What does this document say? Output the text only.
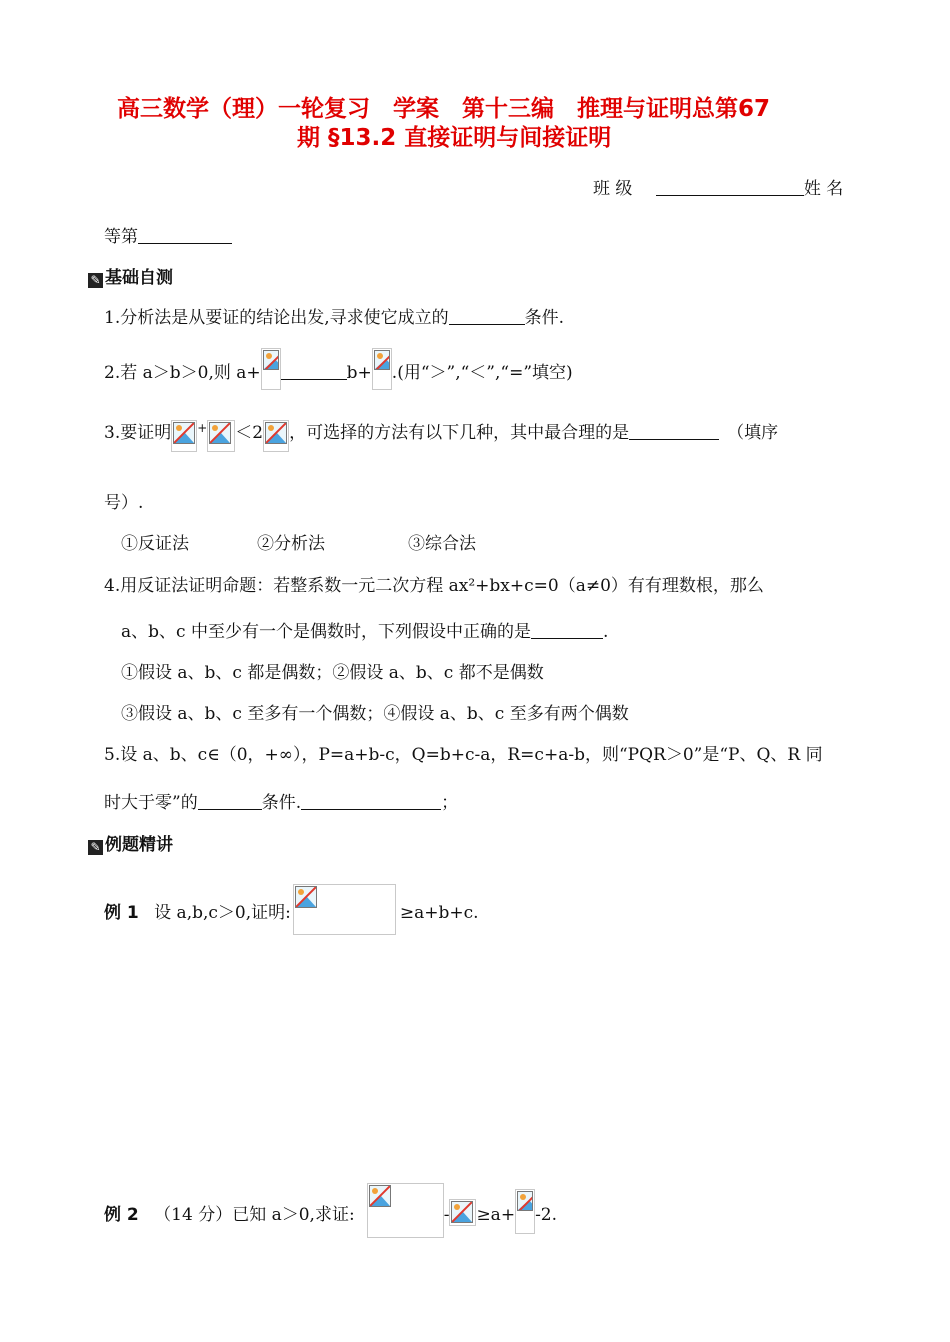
高三数学（理）一轮复习　学案　第十三编　推理与证明总第67
期 §13.2 直接证明与间接证明
班 级	姓 名
等第
✎ 基础自测
1.分析法是从要证的结论出发,寻求使它成立的	条件.
2.若 a＞b＞0,则 a+	b+ .(用“＞”,“＜”,“=”填空)
3.要证明 + ＜2 ，可选择的方法有以下几种，其中最合理的是	（填序
号）.
①反证法	②分析法	③综合法
4.用反证法证明命题：若整系数一元二次方程 ax²+bx+c=0（a≠0）有有理数根，那么
a、b、c 中至少有一个是偶数时，下列假设中正确的是	.
①假设 a、b、c 都是偶数；②假设 a、b、c 都不是偶数
③假设 a、b、c 至多有一个偶数；④假设 a、b、c 至多有两个偶数
5.设 a、b、c∈（0，+∞），P=a+b-c，Q=b+c-a，R=c+a-b，则“PQR＞0”是“P、Q、R 同
时大于零”的	条件.	；
✎ 例题精讲
例 1 设 a,b,c＞0,证明:	≥a+b+c.
例 2 （14 分）已知 a＞0,求证:	- ≥a+ -2.
